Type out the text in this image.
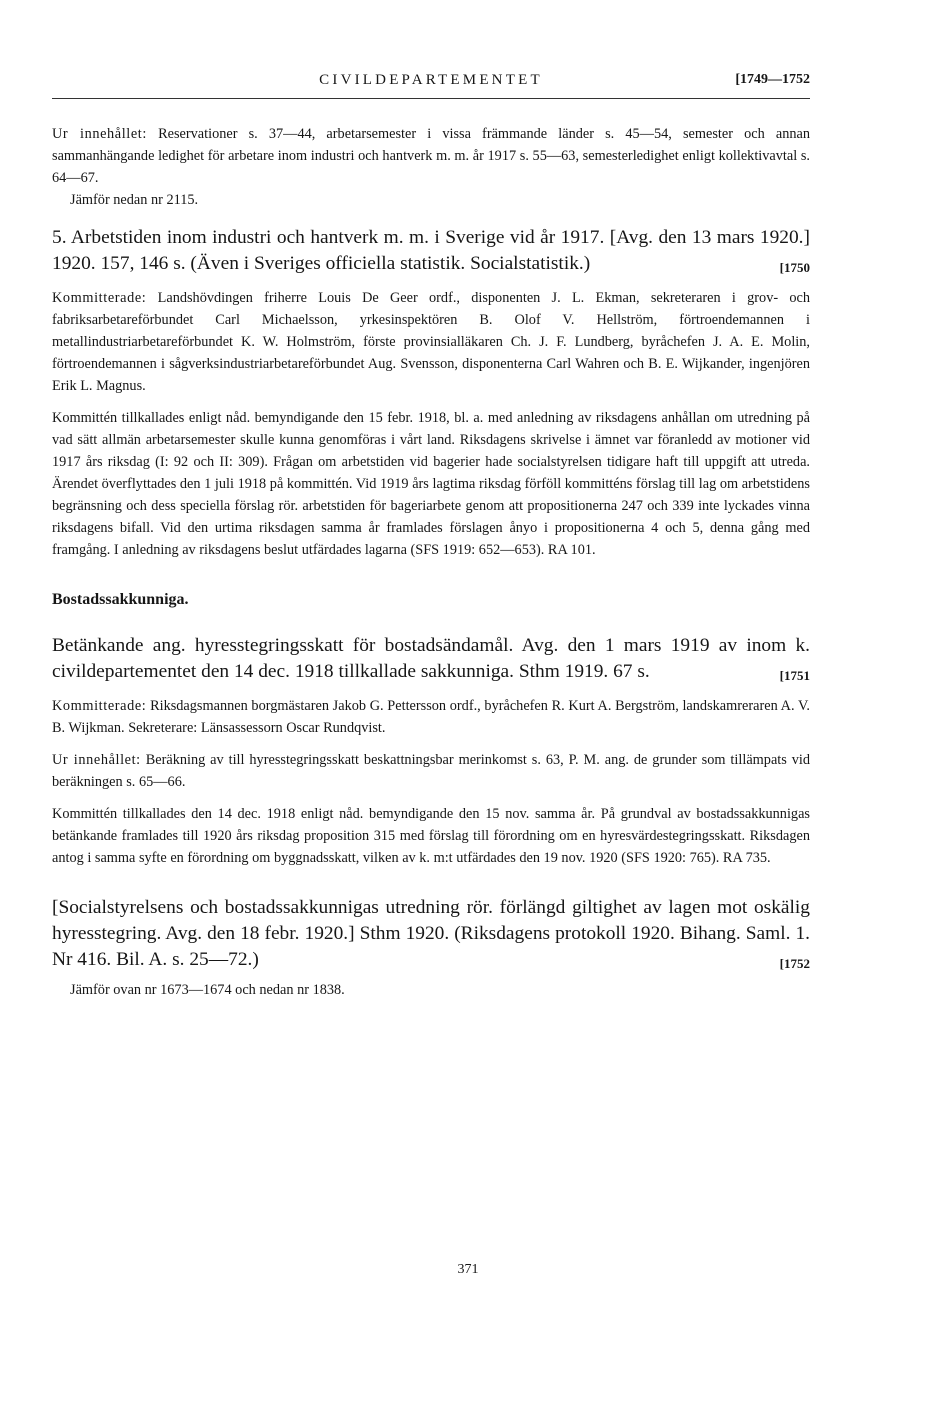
CIVILDEPARTEMENTET	[1749—1752

Ur innehållet: Reservationer s. 37—44, arbetarsemester i vissa främmande länder s. 45—54, semester och annan sammanhängande ledighet för arbetare inom industri och hantverk m. m. år 1917 s. 55—63, semesterledighet enligt kollektivavtal s. 64—67.

Jämför nedan nr 2115.

5. Arbetstiden inom industri och hantverk m. m. i Sverige vid år 1917. [Avg. den 13 mars 1920.] 1920. 157, 146 s. (Även i Sveriges officiella statistik. Socialstatistik.)	[1750

Kommitterade: Landshövdingen friherre Louis De Geer ordf., disponenten J. L. Ekman, sekreteraren i grov- och fabriksarbetareförbundet Carl Michaelsson, yrkesinspektören B. Olof V. Hellström, förtroendemannen i metallindustriarbetareförbundet K. W. Holmström, förste provinsialläkaren Ch. J. F. Lundberg, byråchefen J. A. E. Molin, förtroendemannen i sågverksindustriarbetareförbundet Aug. Svensson, disponenterna Carl Wahren och B. E. Wijkander, ingenjören Erik L. Magnus.

Kommittén tillkallades enligt nåd. bemyndigande den 15 febr. 1918, bl. a. med anledning av riksdagens anhållan om utredning på vad sätt allmän arbetarsemester skulle kunna genomföras i vårt land. Riksdagens skrivelse i ämnet var föranledd av motioner vid 1917 års riksdag (I: 92 och II: 309). Frågan om arbetstiden vid bagerier hade socialstyrelsen tidigare haft till uppgift att utreda. Ärendet överflyttades den 1 juli 1918 på kommittén. Vid 1919 års lagtima riksdag förföll kommitténs förslag till lag om arbetstidens begränsning och dess speciella förslag rör. arbetstiden för bageriarbete genom att propositionerna 247 och 339 inte lyckades vinna riksdagens bifall. Vid den urtima riksdagen samma år framlades förslagen ånyo i propositionerna 4 och 5, denna gång med framgång. I anledning av riksdagens beslut utfärdades lagarna (SFS 1919: 652—653). RA 101.

Bostadssakkunniga.

Betänkande ang. hyresstegringsskatt för bostadsändamål. Avg. den 1 mars 1919 av inom k. civildepartementet den 14 dec. 1918 tillkallade sakkunniga. Sthm 1919. 67 s.	[1751

Kommitterade: Riksdagsmannen borgmästaren Jakob G. Pettersson ordf., byråchefen R. Kurt A. Bergström, landskamreraren A. V. B. Wijkman. Sekreterare: Länsassessorn Oscar Rundqvist.

Ur innehållet: Beräkning av till hyresstegringsskatt beskattningsbar merinkomst s. 63, P. M. ang. de grunder som tillämpats vid beräkningen s. 65—66.

Kommittén tillkallades den 14 dec. 1918 enligt nåd. bemyndigande den 15 nov. samma år. På grundval av bostadssakkunnigas betänkande framlades till 1920 års riksdag proposition 315 med förslag till förordning om en hyresvärdestegringsskatt. Riksdagen antog i samma syfte en förordning om byggnadsskatt, vilken av k. m:t utfärdades den 19 nov. 1920 (SFS 1920: 765). RA 735.

[Socialstyrelsens och bostadssakkunnigas utredning rör. förlängd giltighet av lagen mot oskälig hyresstegring. Avg. den 18 febr. 1920.] Sthm 1920. (Riksdagens protokoll 1920. Bihang. Saml. 1. Nr 416. Bil. A. s. 25—72.)	[1752

Jämför ovan nr 1673—1674 och nedan nr 1838.

371
